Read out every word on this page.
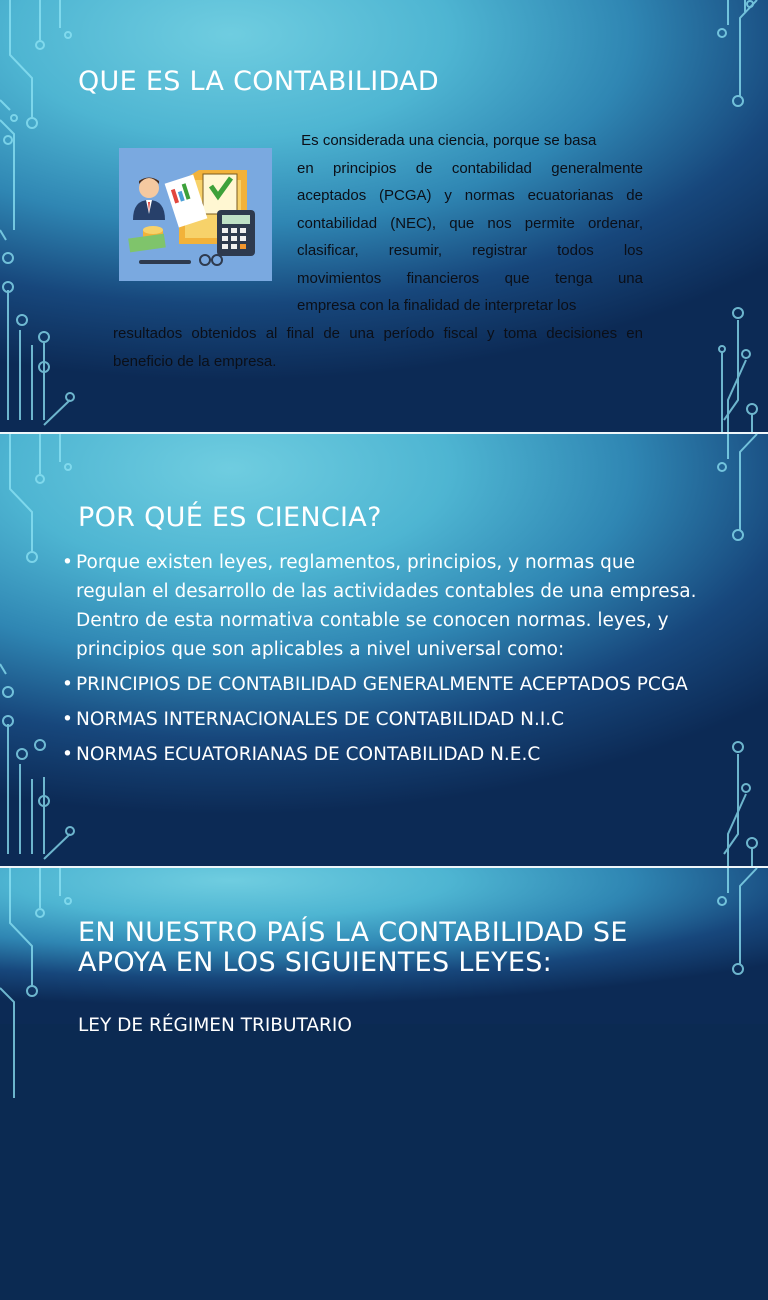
QUE ES LA CONTABILIDAD
Es considerada una ciencia, porque se basa
en principios de contabilidad generalmente
aceptados (PCGA) y normas ecuatorianas de
contabilidad (NEC), que nos permite ordenar,
clasificar, resumir, registrar todos los
movimientos financieros que tenga una
empresa con la finalidad de interpretar los

resultados obtenidos al final de una período fiscal y toma decisiones en beneficio de la empresa.

POR QUÉ ES CIENCIA?
• Porque existen leyes, reglamentos, principios, y normas que regulan el desarrollo de las actividades contables de una empresa. Dentro de esta normativa contable se conocen normas. leyes, y principios que son aplicables a nivel universal como:
• PRINCIPIOS DE CONTABILIDAD GENERALMENTE ACEPTADOS PCGA
• NORMAS INTERNACIONALES DE CONTABILIDAD N.I.C
• NORMAS ECUATORIANAS DE CONTABILIDAD N.E.C
EN NUESTRO PAÍS LA CONTABILIDAD SE APOYA EN LOS SIGUIENTES LEYES:
LEY DE RÉGIMEN TRIBUTARIO
